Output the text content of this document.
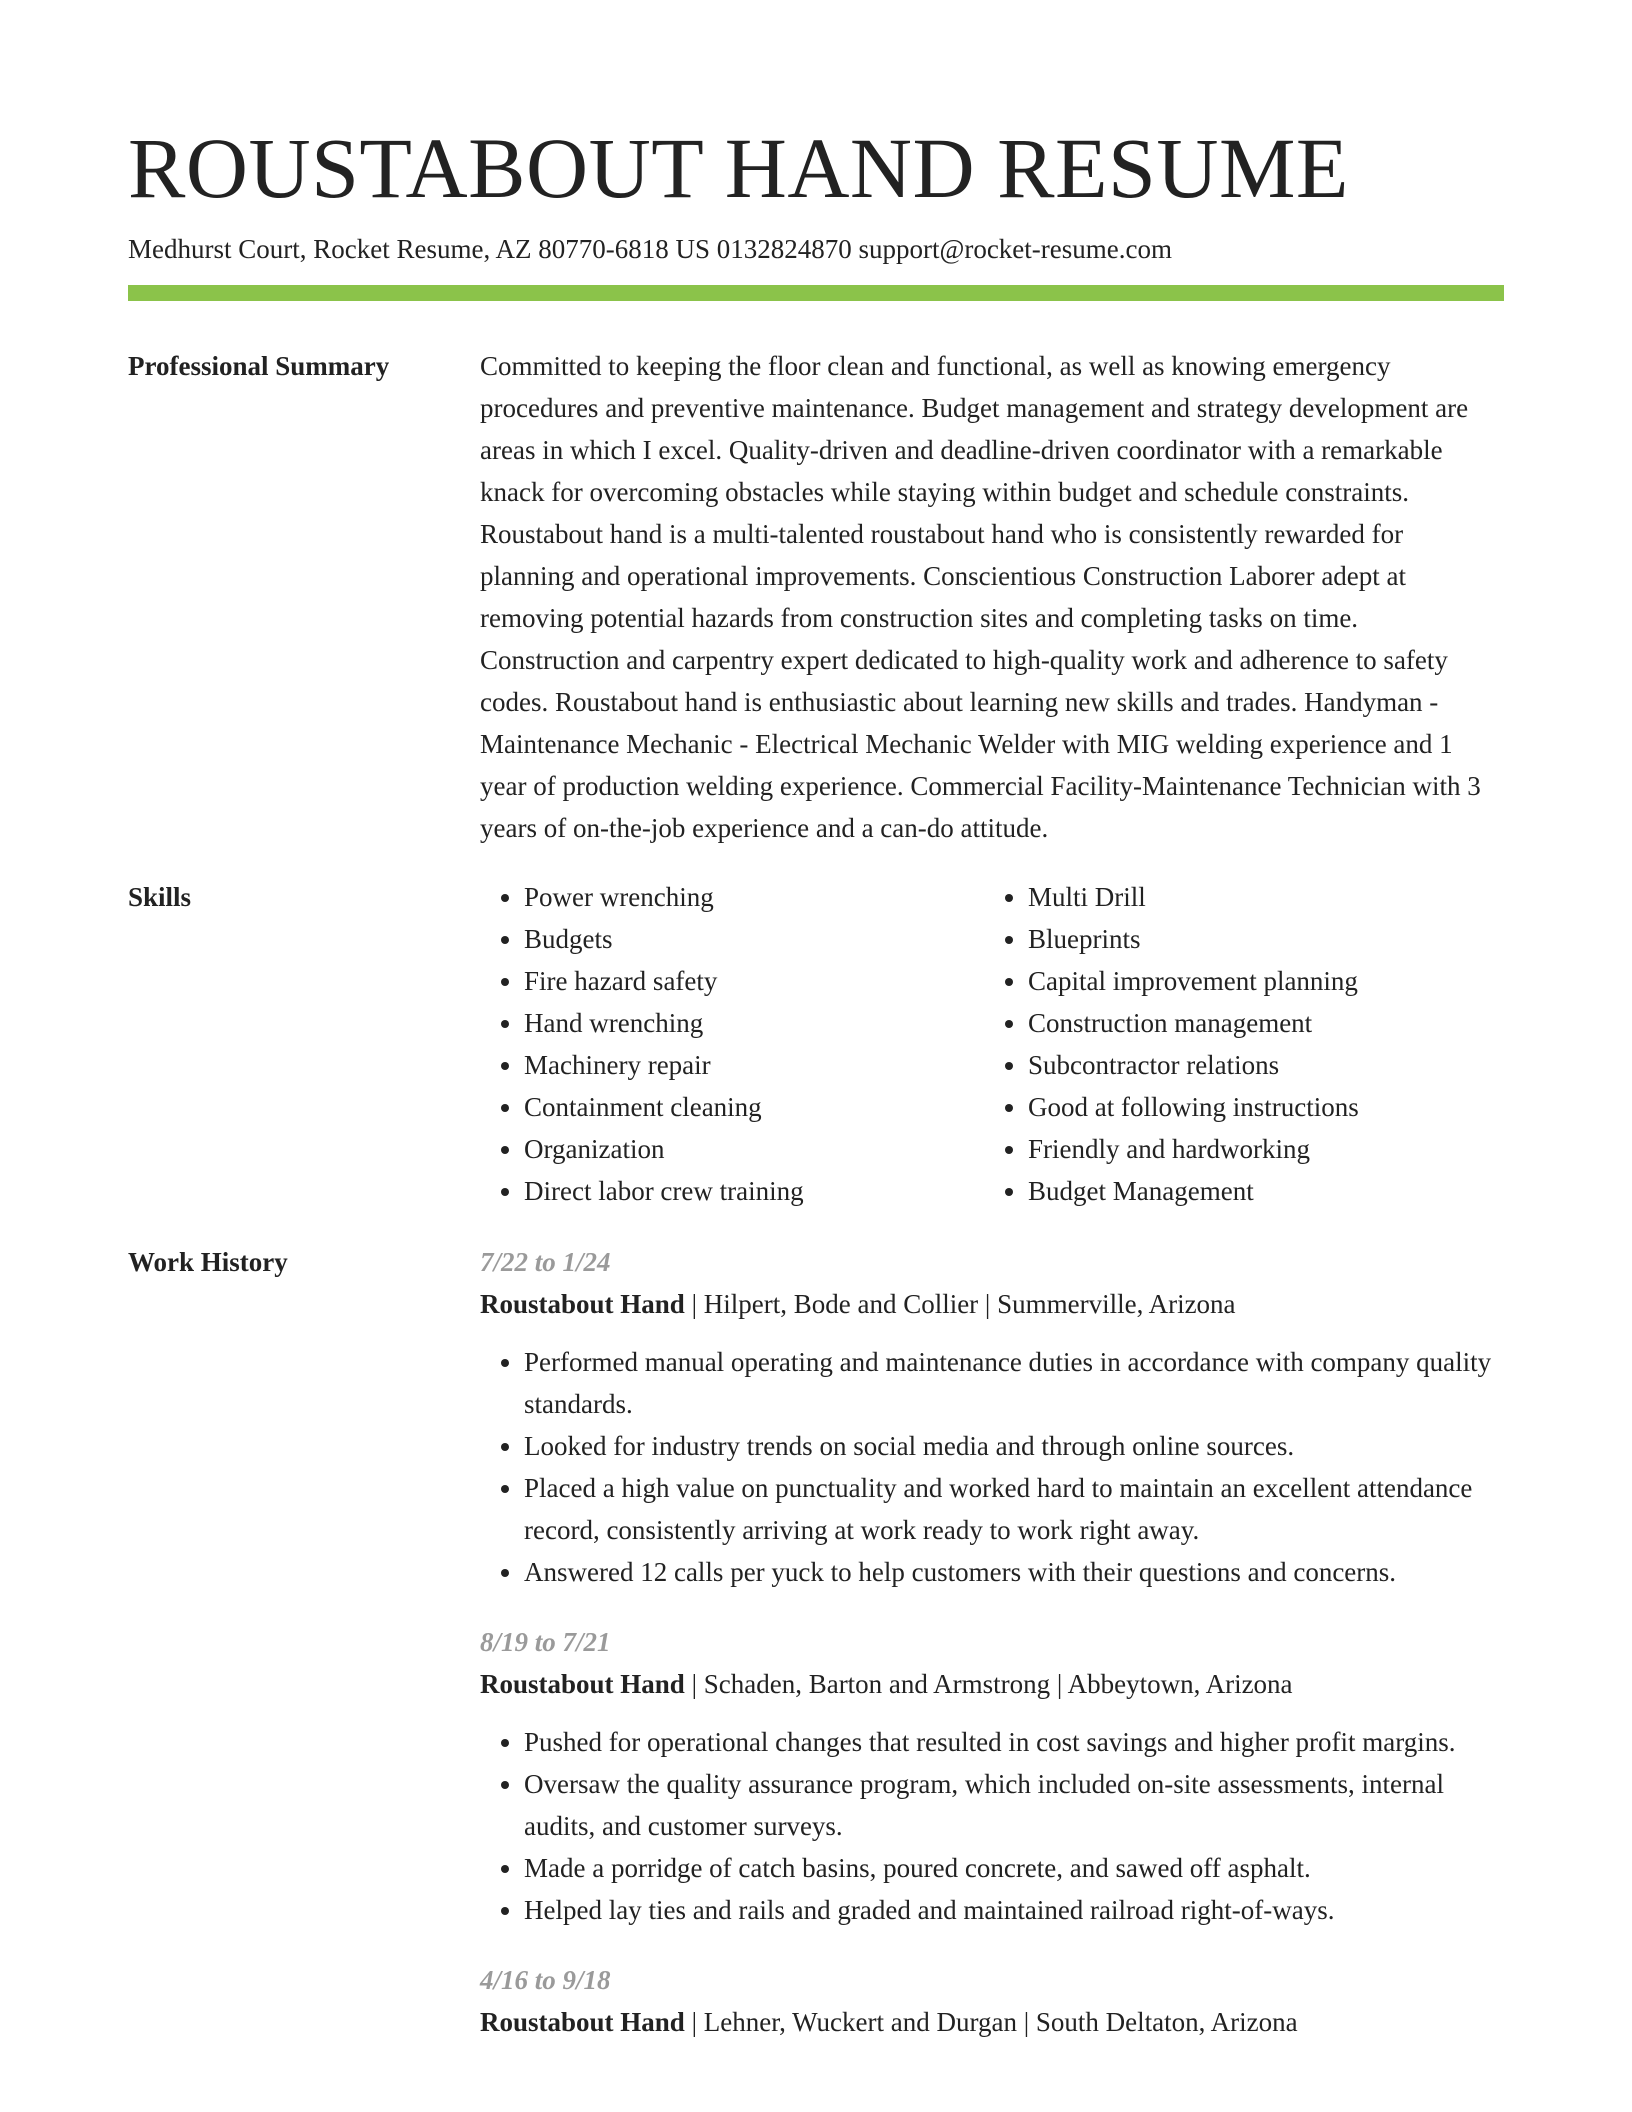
ROUSTABOUT HAND RESUME
Medhurst Court, Rocket Resume, AZ 80770-6818 US 0132824870 support@rocket-resume.com
Professional Summary	Committed to keeping the floor clean and functional, as well as knowing emergency procedures and preventive maintenance. Budget management and strategy development are areas in which I excel. Quality-driven and deadline-driven coordinator with a remarkable knack for overcoming obstacles while staying within budget and schedule constraints. Roustabout hand is a multi-talented roustabout hand who is consistently rewarded for planning and operational improvements. Conscientious Construction Laborer adept at removing potential hazards from construction sites and completing tasks on time. Construction and carpentry expert dedicated to high-quality work and adherence to safety codes. Roustabout hand is enthusiastic about learning new skills and trades. Handyman - Maintenance Mechanic - Electrical Mechanic Welder with MIG welding experience and 1 year of production welding experience. Commercial Facility-Maintenance Technician with 3 years of on-the-job experience and a can-do attitude.

Skills
•	Power wrenching
• Budgets
• Fire hazard safety
• Hand wrenching
• Machinery repair
• Containment cleaning
• Organization
• Direct labor crew training
• Multi Drill
• Blueprints
• Capital improvement planning
• Construction management
• Subcontractor relations
• Good at following instructions
• Friendly and hardworking
• Budget Management
Work History	7/22 to 1/24
Roustabout Hand | Hilpert, Bode and Collier | Summerville, Arizona
• Performed manual operating and maintenance duties in accordance with company quality standards.
• Looked for industry trends on social media and through online sources.
• Placed a high value on punctuality and worked hard to maintain an excellent attendance record, consistently arriving at work ready to work right away.
• Answered 12 calls per yuck to help customers with their questions and concerns.
8/19 to 7/21
Roustabout Hand | Schaden, Barton and Armstrong | Abbeytown, Arizona
• Pushed for operational changes that resulted in cost savings and higher profit margins.
• Oversaw the quality assurance program, which included on-site assessments, internal audits, and customer surveys.
• Made a porridge of catch basins, poured concrete, and sawed off asphalt.
• Helped lay ties and rails and graded and maintained railroad right-of-ways.
4/16 to 9/18
Roustabout Hand | Lehner, Wuckert and Durgan | South Deltaton, Arizona
